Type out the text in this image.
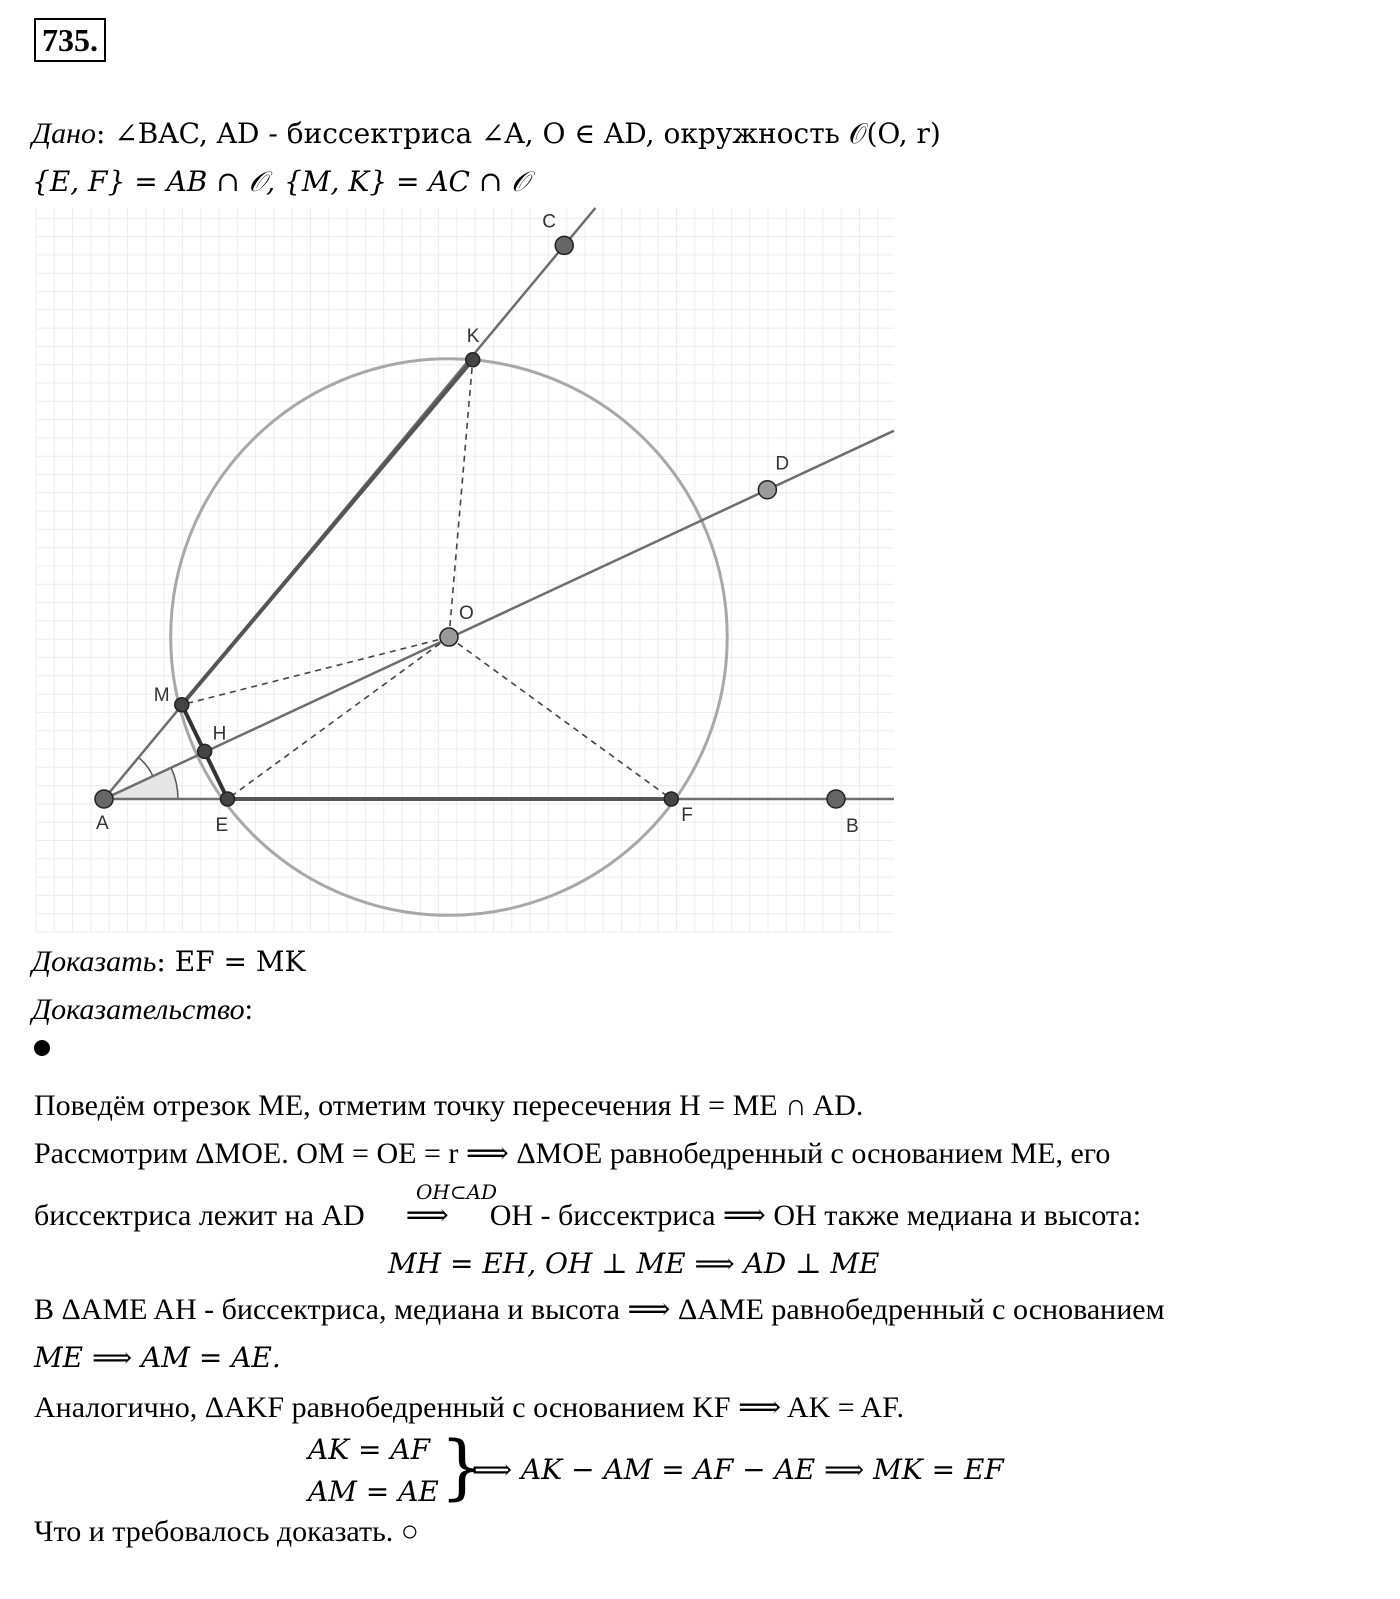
735.
Дано: ∠BAC, AD - биссектриса ∠A, O ∈ AD, окружность 𝒪(O, r)
{E, F} = AB ∩ 𝒪, {M, K} = AC ∩ 𝒪
A	E	F
B
M
H
O
K
C
D
Доказать: EF = MK
Доказательство:
Поведём отрезок ME, отметим точку пересечения H = ME ∩ AD.
Рассмотрим ΔMOE. OM = OE = r ⟹ ΔMOE равнобедренный с основанием ME, его
биссектриса лежит на AD ⟹ OH - биссектриса ⟹ OH также медиана и высота:
OH⊂AD
MH = EH, OH ⊥ ME ⟹ AD ⊥ ME
В ΔAME AH - биссектриса, медиана и высота ⟹ ΔAME равнобедренный с основанием
ME ⟹ AM = AE.
Аналогично, ΔAKF равнобедренный с основанием KF ⟹ AK = AF.
AK = AF
AM = AE }
⟹ AK − AM = AF − AE ⟹ MK = EF
Что и требовалось доказать. ○
